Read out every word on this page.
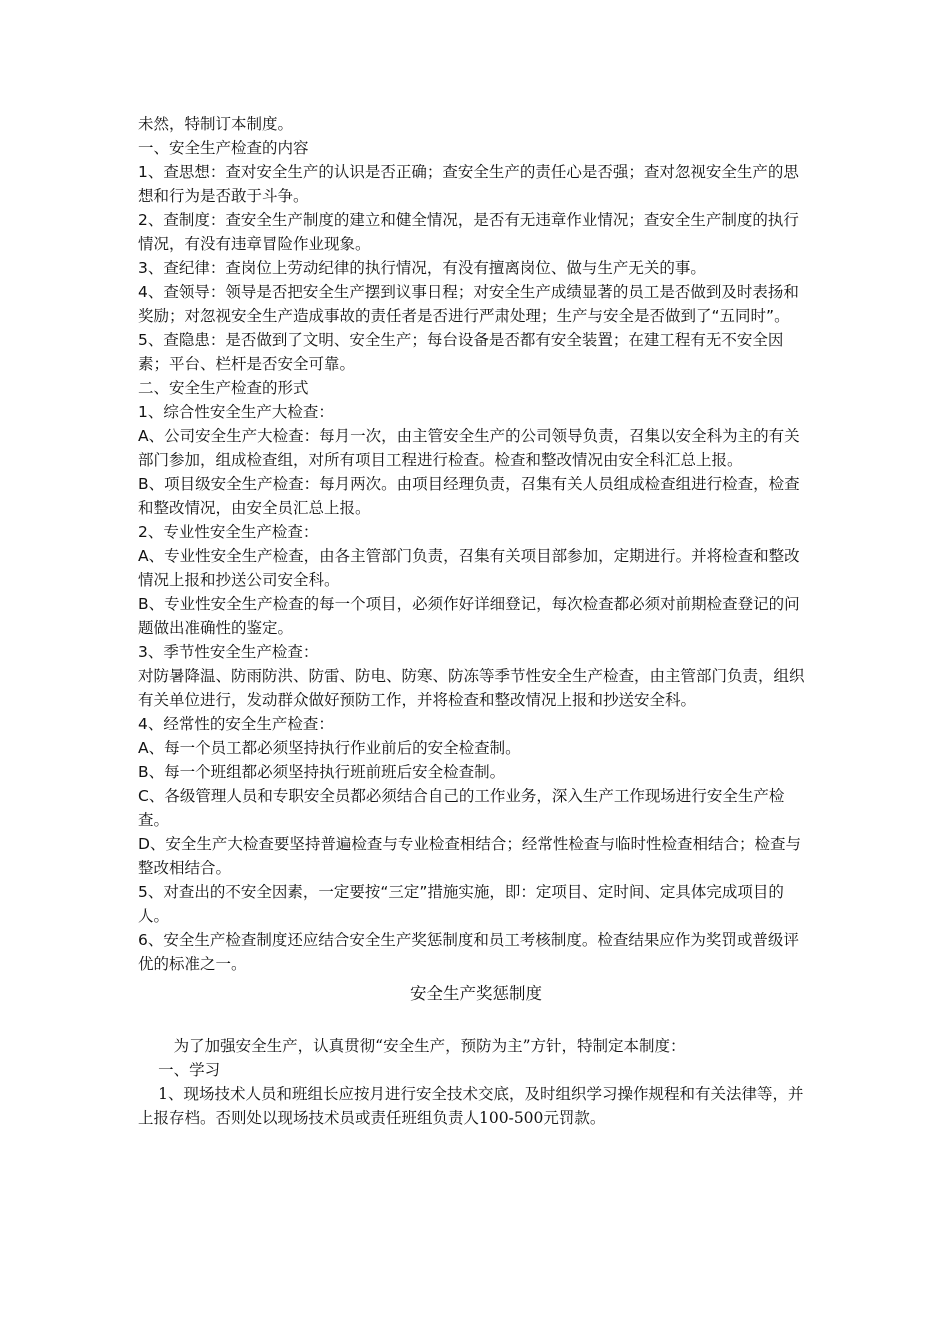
未然，特制订本制度。

一、安全生产检查的内容

1、查思想：查对安全生产的认识是否正确；查安全生产的责任心是否强；查对忽视安全生产的思想和行为是否敢于斗争。

2、查制度：查安全生产制度的建立和健全情况，是否有无违章作业情况；查安全生产制度的执行情况，有没有违章冒险作业现象。

3、查纪律：查岗位上劳动纪律的执行情况，有没有擅离岗位、做与生产无关的事。

4、查领导：领导是否把安全生产摆到议事日程；对安全生产成绩显著的员工是否做到及时表扬和奖励；对忽视安全生产造成事故的责任者是否进行严肃处理；生产与安全是否做到了“五同时”。

5、查隐患：是否做到了文明、安全生产；每台设备是否都有安全装置；在建工程有无不安全因素；平台、栏杆是否安全可靠。

二、安全生产检查的形式

1、综合性安全生产大检查：

A、公司安全生产大检查：每月一次，由主管安全生产的公司领导负责，召集以安全科为主的有关部门参加，组成检查组，对所有项目工程进行检查。检查和整改情况由安全科汇总上报。

B、项目级安全生产检查：每月两次。由项目经理负责，召集有关人员组成检查组进行检查，检查和整改情况，由安全员汇总上报。

2、专业性安全生产检查：

A、专业性安全生产检查，由各主管部门负责，召集有关项目部参加，定期进行。并将检查和整改情况上报和抄送公司安全科。

B、专业性安全生产检查的每一个项目，必须作好详细登记，每次检查都必须对前期检查登记的问题做出准确性的鉴定。

3、季节性安全生产检查：

对防暑降温、防雨防洪、防雷、防电、防寒、防冻等季节性安全生产检查，由主管部门负责，组织有关单位进行，发动群众做好预防工作，并将检查和整改情况上报和抄送安全科。

4、经常性的安全生产检查：

A、每一个员工都必须坚持执行作业前后的安全检查制。

B、每一个班组都必须坚持执行班前班后安全检查制。

C、各级管理人员和专职安全员都必须结合自己的工作业务，深入生产工作现场进行安全生产检查。

D、安全生产大检查要坚持普遍检查与专业检查相结合；经常性检查与临时性检查相结合；检查与整改相结合。

5、对查出的不安全因素，一定要按“三定”措施实施，即：定项目、定时间、定具体完成项目的人。

6、安全生产检查制度还应结合安全生产奖惩制度和员工考核制度。检查结果应作为奖罚或普级评优的标准之一。

安全生产奖惩制度

为了加强安全生产，认真贯彻“安全生产，预防为主”方针，特制定本制度：

一、学习

1、现场技术人员和班组长应按月进行安全技术交底，及时组织学习操作规程和有关法律等，并上报存档。否则处以现场技术员或责任班组负责人100-500元罚款。
